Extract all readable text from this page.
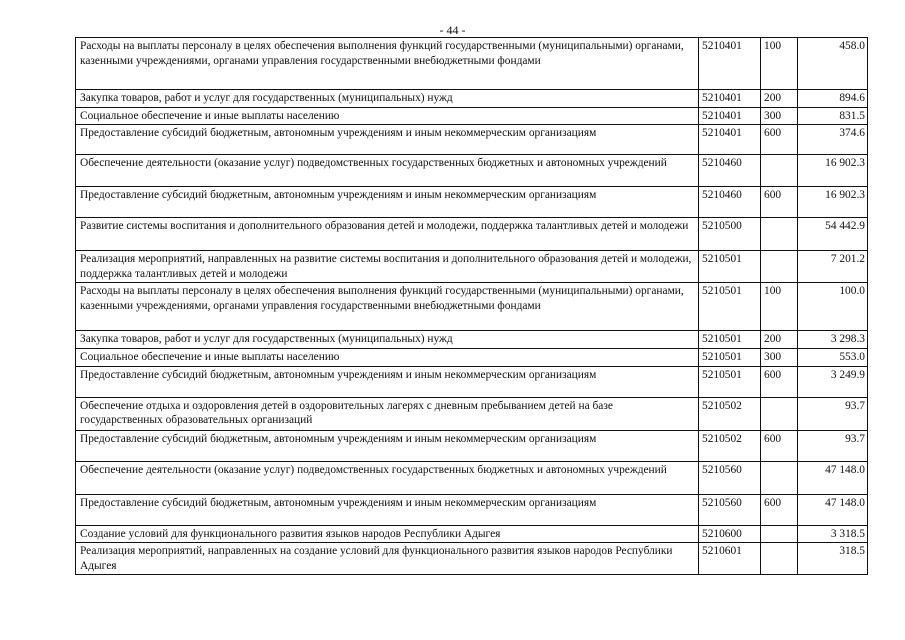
- 44 -
Расходы на выплаты персоналу в целях обеспечения выполнения функций государственными (муниципальными) органами, казенными учреждениями, органами управления государственными внебюджетными фондами	5210401	100	458.0
Закупка товаров, работ и услуг для государственных (муниципальных) нужд	5210401	200	894.6
Социальное обеспечение и иные выплаты населению	5210401	300	831.5
Предоставление субсидий бюджетным, автономным учреждениям и иным некоммерческим организациям	5210401	600	374.6
Обеспечение деятельности (оказание услуг) подведомственных государственных бюджетных и автономных учреждений	5210460		16 902.3
Предоставление субсидий бюджетным, автономным учреждениям и иным некоммерческим организациям	5210460	600	16 902.3
Развитие системы воспитания и дополнительного образования детей и молодежи, поддержка талантливых детей и молодежи	5210500		54 442.9
Реализация мероприятий, направленных на развитие системы воспитания и дополнительного образования детей и молодежи, поддержка талантливых детей и молодежи	5210501		7 201.2
Расходы на выплаты персоналу в целях обеспечения выполнения функций государственными (муниципальными) органами, казенными учреждениями, органами управления государственными внебюджетными фондами	5210501	100	100.0
Закупка товаров, работ и услуг для государственных (муниципальных) нужд	5210501	200	3 298.3
Социальное обеспечение и иные выплаты населению	5210501	300	553.0
Предоставление субсидий бюджетным, автономным учреждениям и иным некоммерческим организациям	5210501	600	3 249.9
Обеспечение отдыха и оздоровления детей в оздоровительных лагерях с дневным пребыванием детей на базе государственных образовательных организаций	5210502		93.7
Предоставление субсидий бюджетным, автономным учреждениям и иным некоммерческим организациям	5210502	600	93.7
Обеспечение деятельности (оказание услуг) подведомственных государственных бюджетных и автономных учреждений	5210560		47 148.0
Предоставление субсидий бюджетным, автономным учреждениям и иным некоммерческим организациям	5210560	600	47 148.0
Создание условий для функционального развития языков народов Республики Адыгея	5210600		3 318.5
Реализация мероприятий, направленных на создание условий для функционального развития языков народов Республики Адыгея	5210601		318.5
